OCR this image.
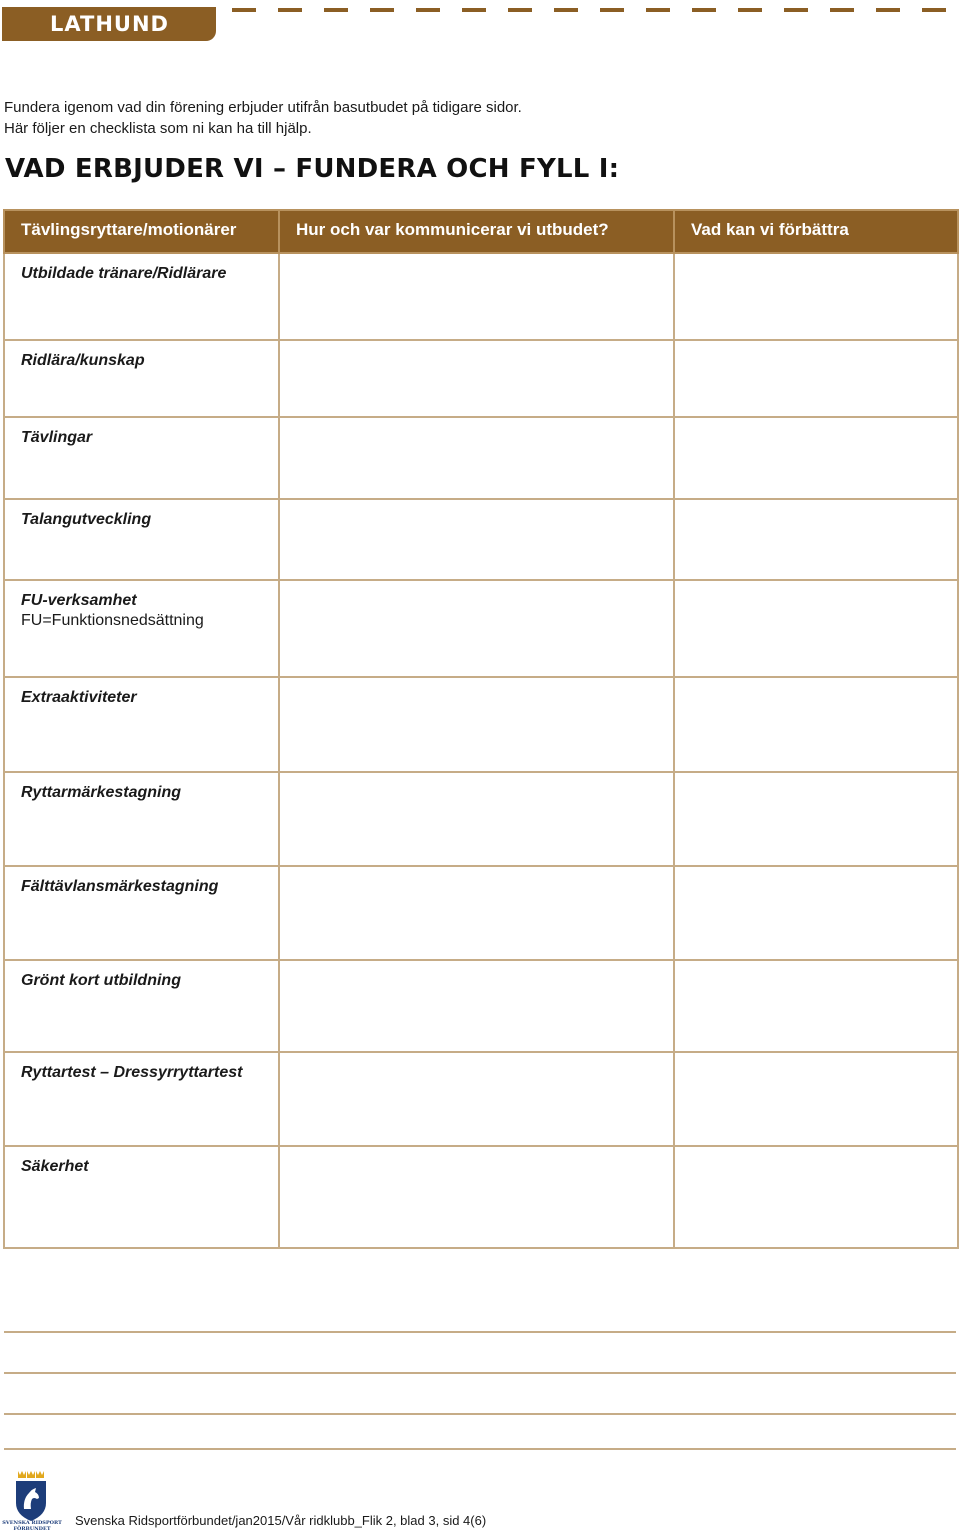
LATHUND
Fundera igenom vad din förening erbjuder utifrån basutbudet på tidigare sidor.
Här följer en checklista som ni kan ha till hjälp.
VAD ERBJUDER VI – FUNDERA OCH FYLL I:
Tävlingsryttare/motionärer	Hur och var kommunicerar vi utbudet?	Vad kan vi förbättra
Utbildade tränare/Ridlärare		
Ridlära/kunskap		
Tävlingar		
Talangutveckling		
FU-verksamhet
FU=Funktionsnedsättning		

Extraaktiviteter		
Ryttarmärkestagning		
Fälttävlansmärkestagning		
Grönt kort utbildning		
Ryttartest – Dressyrryttartest		
Säkerhet		
SVENSKA RIDSPORT
FÖRBUNDET
Svenska Ridsportförbundet/jan2015/Vår ridklubb_Flik 2, blad 3, sid 4(6)
